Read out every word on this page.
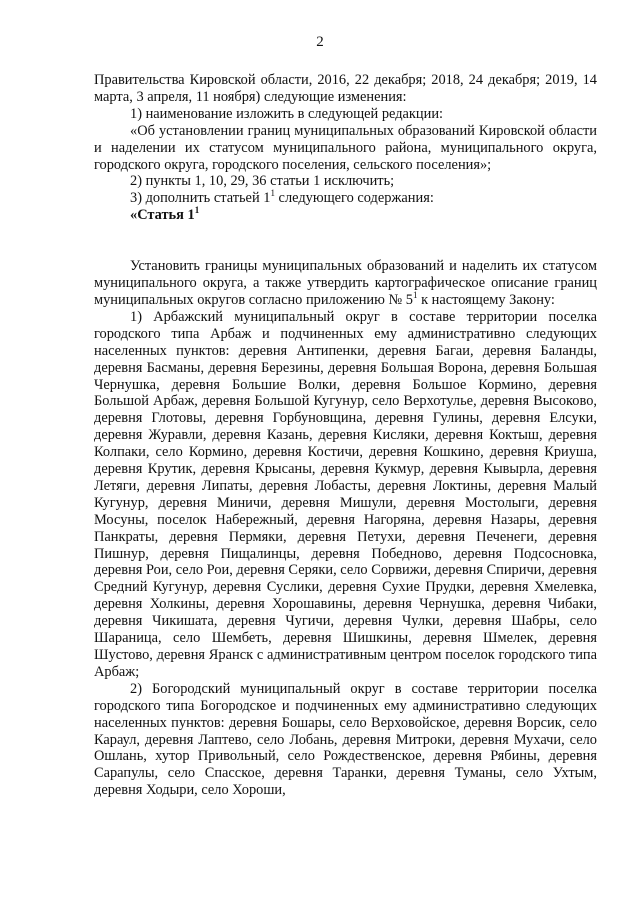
2

Правительства Кировской области, 2016, 22 декабря; 2018, 24 декабря; 2019, 14 марта, 3 апреля, 11 ноября) следующие изменения:

1) наименование изложить в следующей редакции:

«Об установлении границ муниципальных образований Кировской области и наделении их статусом муниципального района, муниципального округа, городского округа, городского поселения, сельского поселения»;

2) пункты 1, 10, 29, 36 статьи 1 исключить;

3) дополнить статьей $1^1$ следующего содержания:

«Статья $1^1$

Установить границы муниципальных образований и наделить их статусом муниципального округа, а также утвердить картографическое описание границ муниципальных округов согласно приложению № $5^1$ к настоящему Закону:

1) Арбажский муниципальный округ в составе территории поселка городского типа Арбаж и подчиненных ему административно следующих населенных пунктов: деревня Антипенки, деревня Багаи, деревня Баланды, деревня Басманы, деревня Березины, деревня Большая Ворона, деревня Большая Чернушка, деревня Большие Волки, деревня Большое Кормино, деревня Большой Арбаж, деревня Большой Кугунур, село Верхотулье, деревня Высоково, деревня Глотовы, деревня Горбуновщина, деревня Гулины, деревня Елсуки, деревня Журавли, деревня Казань, деревня Кисляки, деревня Коктыш, деревня Колпаки, село Кормино, деревня Костичи, деревня Кошкино, деревня Криуша, деревня Крутик, деревня Крысаны, деревня Кукмур, деревня Кывырла, деревня Летяги, деревня Липаты, деревня Лобасты, деревня Локтины, деревня Малый Кугунур, деревня Миничи, деревня Мишули, деревня Мостолыги, деревня Мосуны, поселок Набережный, деревня Нагоряна, деревня Назары, деревня Панкраты, деревня Пермяки, деревня Петухи, деревня Печенеги, деревня Пишнур, деревня Пищалинцы, деревня Победново, деревня Подсосновка, деревня Рои, село Рои, деревня Серяки, село Сорвижи, деревня Спиричи, деревня Средний Кугунур, деревня Суслики, деревня Сухие Прудки, деревня Хмелевка, деревня Холкины, деревня Хорошавины, деревня Чернушка, деревня Чибаки, деревня Чикишата, деревня Чугичи, деревня Чулки, деревня Шабры, село Шараница, село Шембеть, деревня Шишкины, деревня Шмелек, деревня Шустово, деревня Яранск с административным центром поселок городского типа Арбаж;

2) Богородский муниципальный округ в составе территории поселка городского типа Богородское и подчиненных ему административно следующих населенных пунктов: деревня Бошары, село Верховойское, деревня Ворсик, село Караул, деревня Лаптево, село Лобань, деревня Митроки, деревня Мухачи, село Ошлань, хутор Привольный, село Рождественское, деревня Рябины, деревня Сарапулы, село Спасское, деревня Таранки, деревня Туманы, село Ухтым, деревня Ходыри, село Хороши,
